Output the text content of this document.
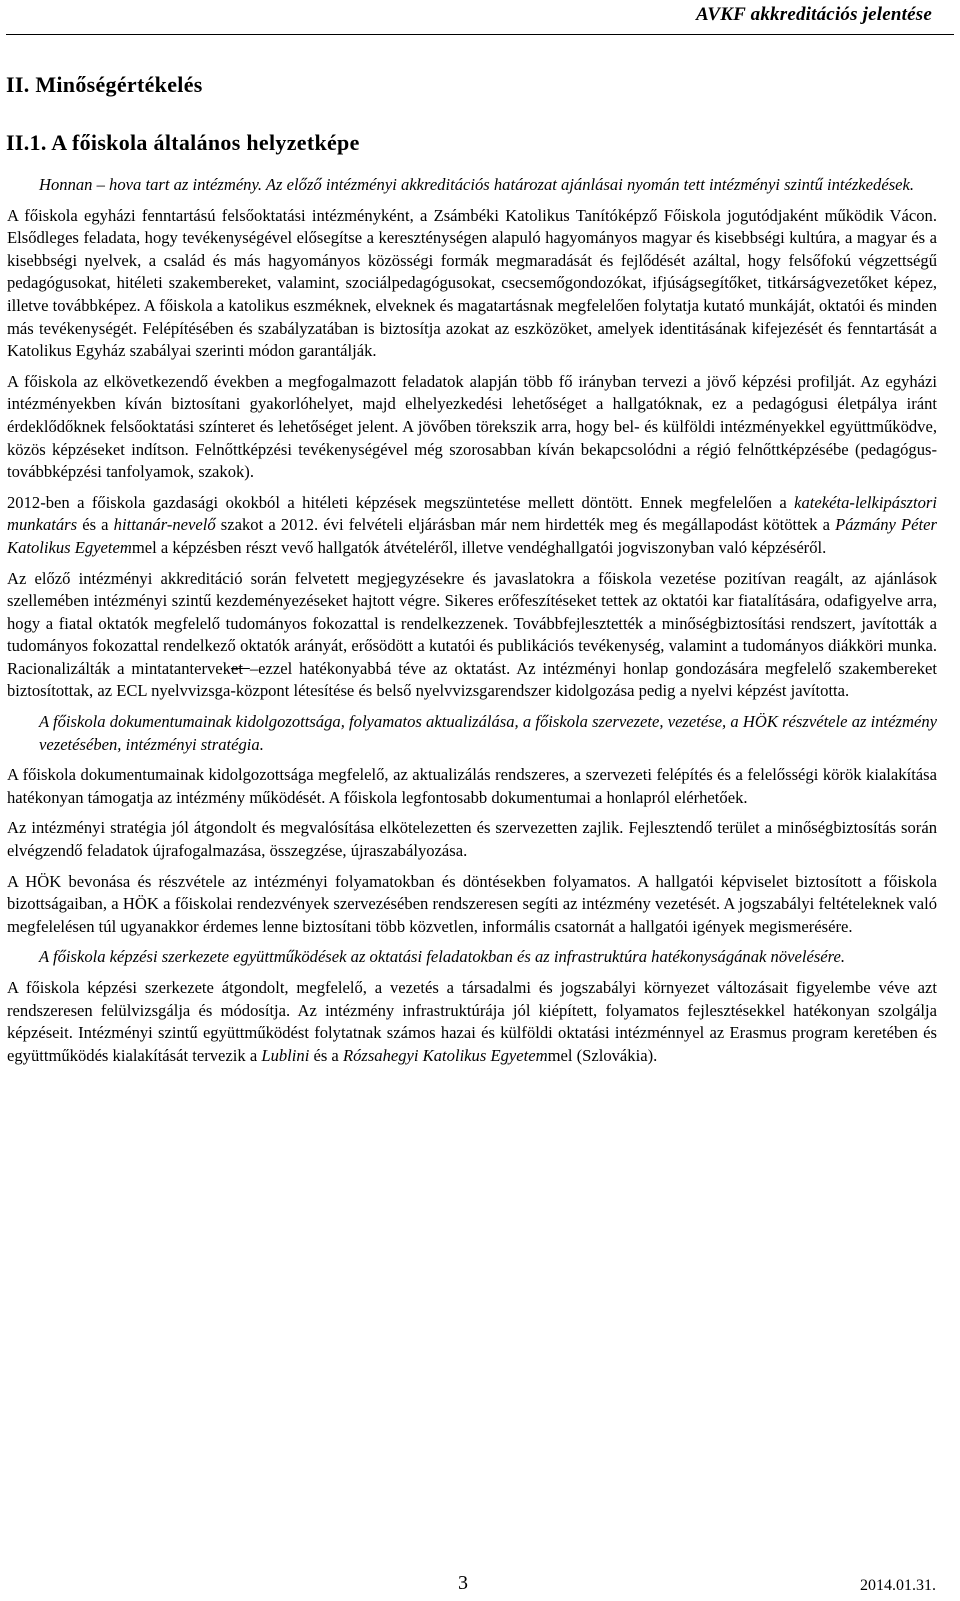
AVKF akkreditációs jelentése
II. Minőségértékelés
II.1. A főiskola általános helyzetképe

Honnan – hova tart az intézmény. Az előző intézményi akkreditációs határozat ajánlásai nyomán tett intézményi szintű intézkedések.

A főiskola egyházi fenntartású felsőoktatási intézményként, a Zsámbéki Katolikus Tanítóképző Főiskola jogutódjaként működik Vácon. Elsődleges feladata, hogy tevékenységével elősegítse a kereszténységen alapuló hagyományos magyar és kisebbségi kultúra, a magyar és a kisebbségi nyelvek, a család és más hagyományos közösségi formák megmaradását és fejlődését azáltal, hogy felsőfokú végzettségű pedagógusokat, hitéleti szakembereket, valamint, szociálpedagógusokat, csecsemőgondozókat, ifjúságsegítőket, titkárságvezetőket képez, illetve továbbképez. A főiskola a katolikus eszméknek, elveknek és magatartásnak megfelelően folytatja kutató munkáját, oktatói és minden más tevékenységét. Felépítésében és szabályzatában is biztosítja azokat az eszközöket, amelyek identitásának kifejezését és fenntartását a Katolikus Egyház szabályai szerinti módon garantálják.

A főiskola az elkövetkezendő években a megfogalmazott feladatok alapján több fő irányban tervezi a jövő képzési profilját. Az egyházi intézményekben kíván biztosítani gyakorlóhelyet, majd elhelyezkedési lehetőséget a hallgatóknak, ez a pedagógusi életpálya iránt érdeklődőknek felsőoktatási színteret és lehetőséget jelent. A jövőben törekszik arra, hogy bel- és külföldi intézményekkel együttműködve, közös képzéseket indítson. Felnőttképzési tevékenységével még szorosabban kíván bekapcsolódni a régió felnőttképzésébe (pedagógus-továbbképzési tanfolyamok, szakok).

2012-ben a főiskola gazdasági okokból a hitéleti képzések megszüntetése mellett döntött. Ennek megfelelően a katekéta-lelkipásztori munkatárs és a hittanár-nevelő szakot a 2012. évi felvételi eljárásban már nem hirdették meg és megállapodást kötöttek a Pázmány Péter Katolikus Egyetemmel a képzésben részt vevő hallgatók átvételéről, illetve vendéghallgatói jogviszonyban való képzéséről.

Az előző intézményi akkreditáció során felvetett megjegyzésekre és javaslatokra a főiskola vezetése pozitívan reagált, az ajánlások szellemében intézményi szintű kezdeményezéseket hajtott végre. Sikeres erőfeszítéseket tettek az oktatói kar fiatalítására, odafigyelve arra, hogy a fiatal oktatók megfelelő tudományos fokozattal is rendelkezzenek. Továbbfejlesztették a minőségbiztosítási rendszert, javították a tudományos fokozattal rendelkező oktatók arányát, erősödött a kutatói és publikációs tevékenység, valamint a tudományos diákköri munka. Racionalizálták a mintatanterveket –ezzel hatékonyabbá téve az oktatást. Az intézményi honlap gondozására megfelelő szakembereket biztosítottak, az ECL nyelvvizsga-központ létesítése és belső nyelvvizsgarendszer kidolgozása pedig a nyelvi képzést javította.

A főiskola dokumentumainak kidolgozottsága, folyamatos aktualizálása, a főiskola szervezete, vezetése, a HÖK részvétele az intézmény vezetésében, intézményi stratégia.

A főiskola dokumentumainak kidolgozottsága megfelelő, az aktualizálás rendszeres, a szervezeti felépítés és a felelősségi körök kialakítása hatékonyan támogatja az intézmény működését. A főiskola legfontosabb dokumentumai a honlapról elérhetőek.

Az intézményi stratégia jól átgondolt és megvalósítása elkötelezetten és szervezetten zajlik. Fejlesztendő terület a minőségbiztosítás során elvégzendő feladatok újrafogalmazása, összegzése, újraszabályozása.

A HÖK bevonása és részvétele az intézményi folyamatokban és döntésekben folyamatos. A hallgatói képviselet biztosított a főiskola bizottságaiban, a HÖK a főiskolai rendezvények szervezésében rendszeresen segíti az intézmény vezetését. A jogszabályi feltételeknek való megfelelésen túl ugyanakkor érdemes lenne biztosítani több közvetlen, informális csatornát a hallgatói igények megismerésére.

A főiskola képzési szerkezete együttműködések az oktatási feladatokban és az infrastruktúra hatékonyságának növelésére.

A főiskola képzési szerkezete átgondolt, megfelelő, a vezetés a társadalmi és jogszabályi környezet változásait figyelembe véve azt rendszeresen felülvizsgálja és módosítja. Az intézmény infrastruktúrája jól kiépített, folyamatos fejlesztésekkel hatékonyan szolgálja képzéseit. Intézményi szintű együttműködést folytatnak számos hazai és külföldi oktatási intézménnyel az Erasmus program keretében és együttműködés kialakítását tervezik a Lublini és a Rózsahegyi Katolikus Egyetemmel (Szlovákia).

3	2014.01.31.
